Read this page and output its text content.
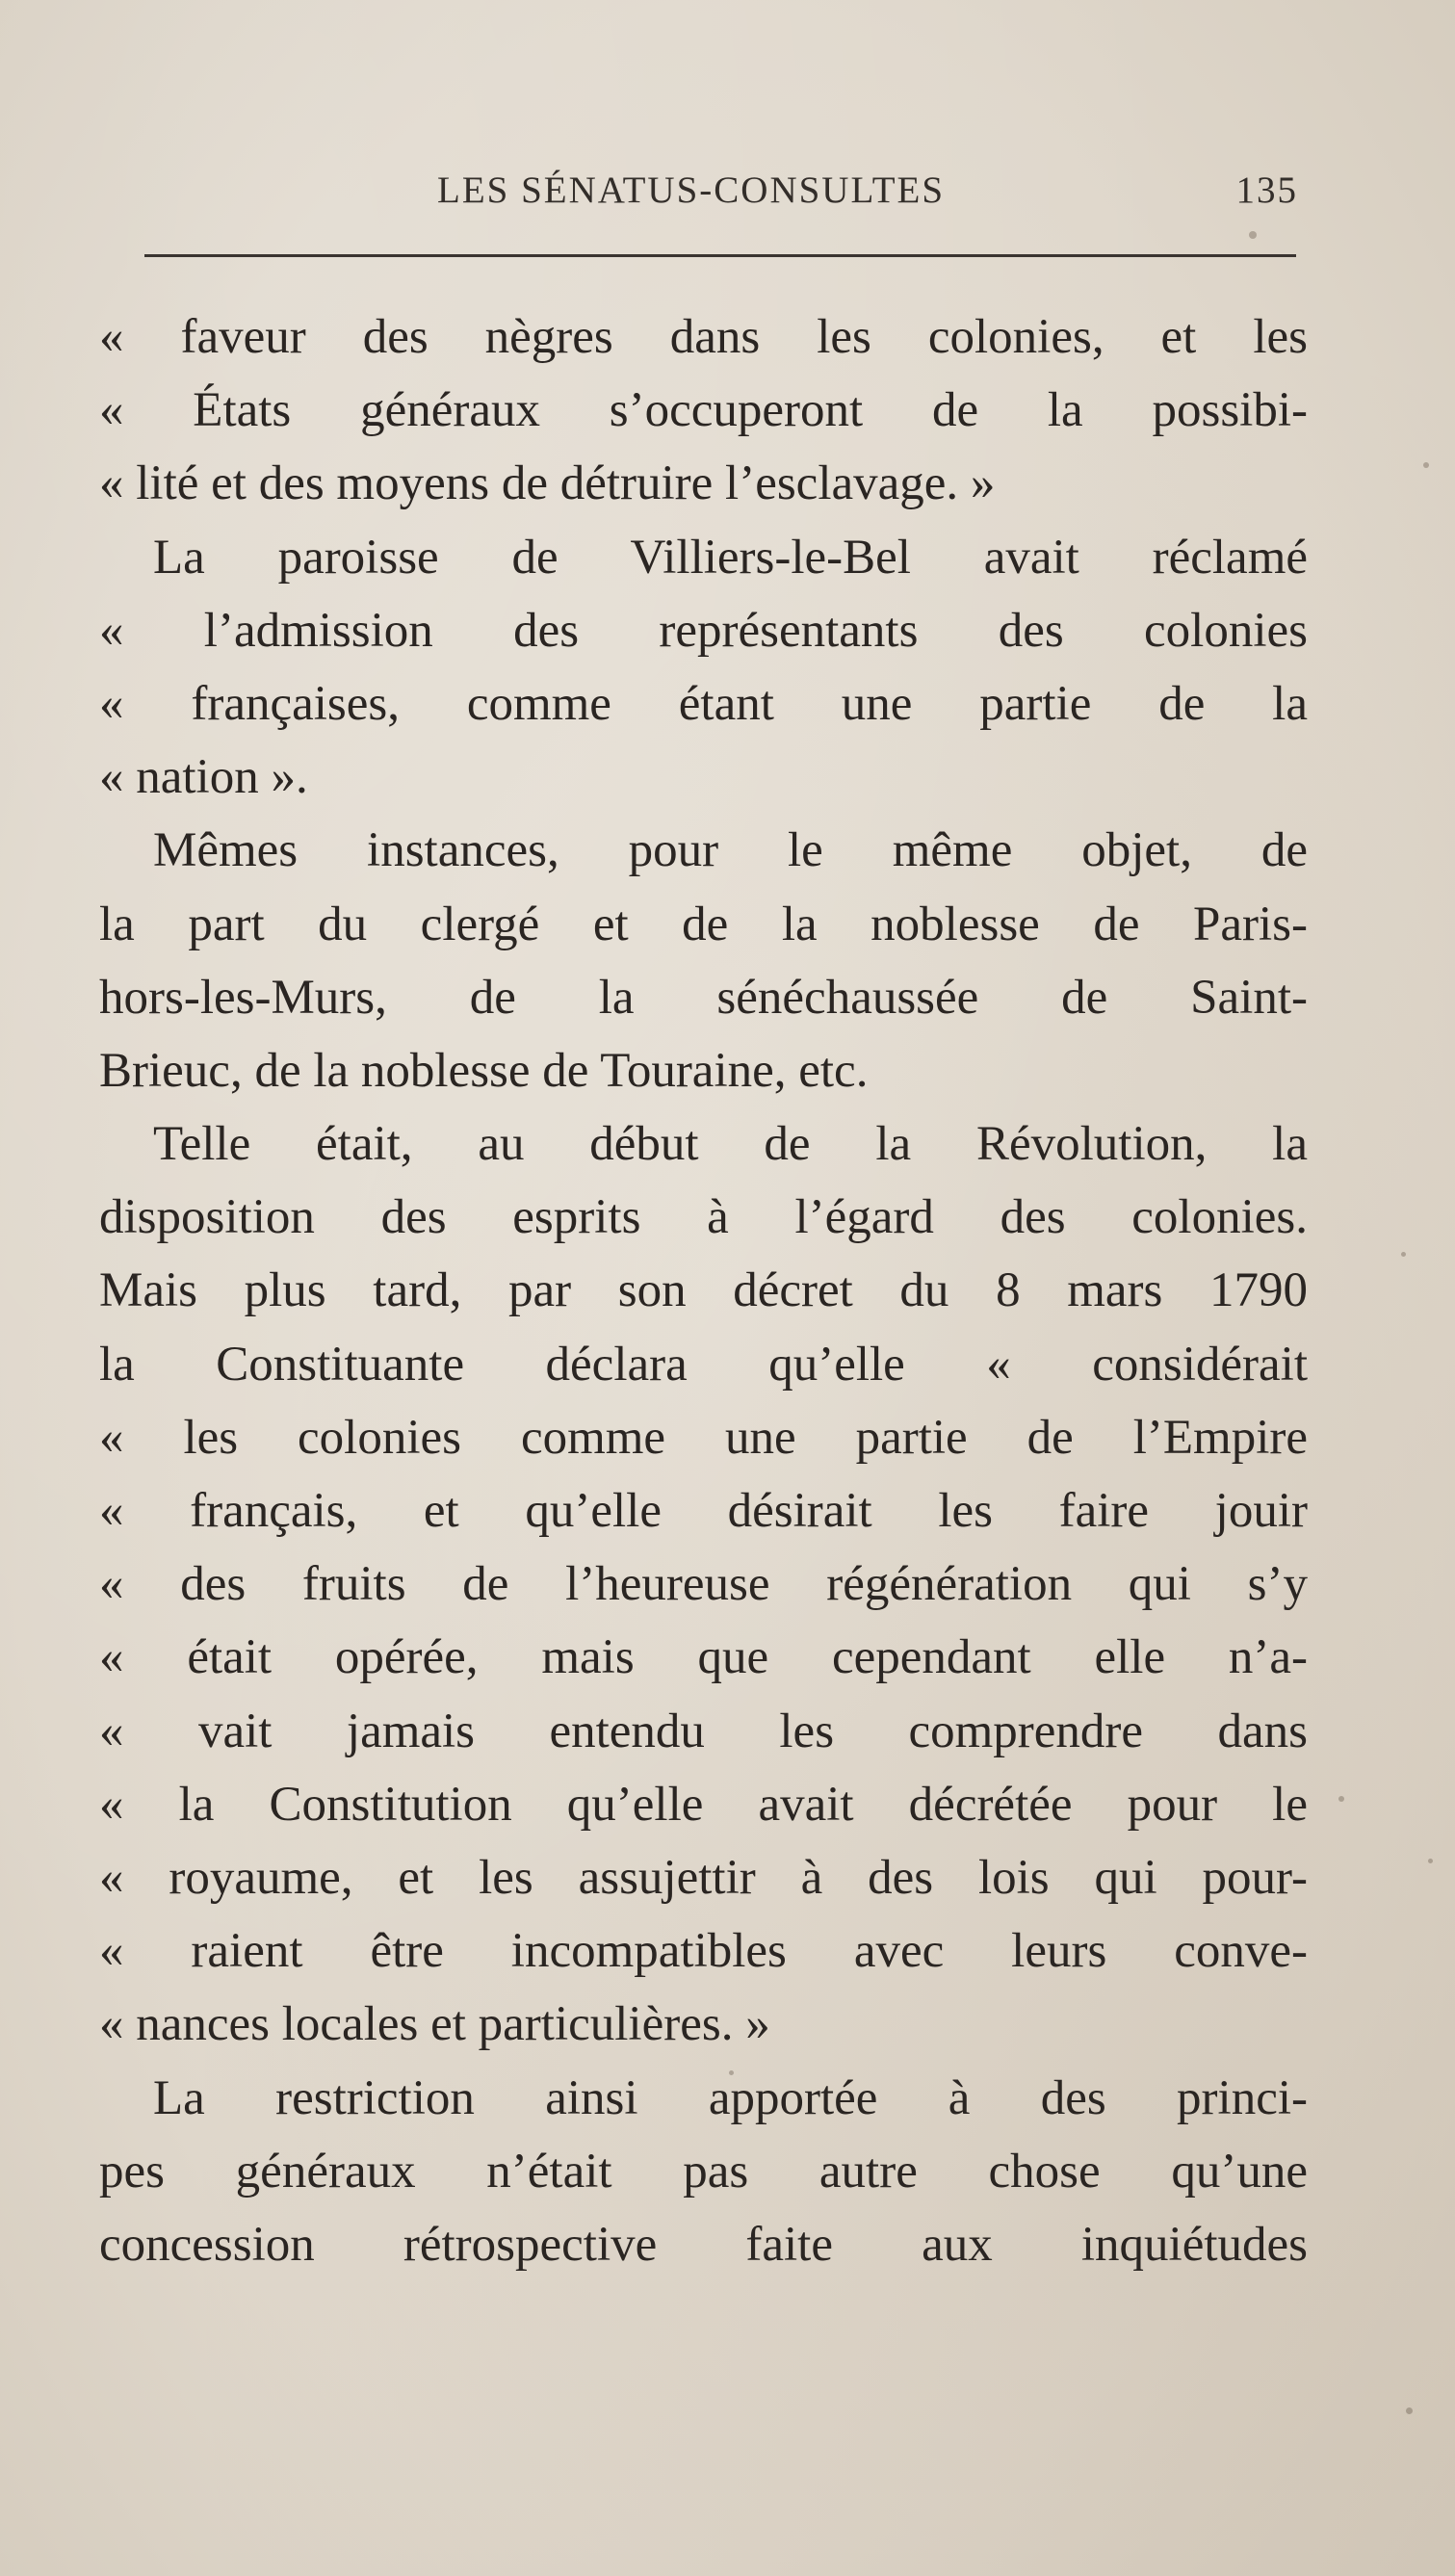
LES SÉNATUS-CONSULTES	135
« faveur des nègres dans les colonies, et les
« États généraux s’occuperont de la possibi-
« lité et des moyens de détruire l’esclavage. »
La paroisse de Villiers-le-Bel avait réclamé
« l’admission des représentants des colonies
« françaises, comme étant une partie de la
« nation ».
Mêmes instances, pour le même objet, de
la part du clergé et de la noblesse de Paris-
hors-les-Murs, de la sénéchaussée de Saint-
Brieuc, de la noblesse de Touraine, etc.
Telle était, au début de la Révolution, la
disposition des esprits à l’égard des colonies.
Mais plus tard, par son décret du 8 mars 1790
la Constituante déclara qu’elle « considérait
« les colonies comme une partie de l’Empire
« français, et qu’elle désirait les faire jouir
« des fruits de l’heureuse régénération qui s’y
« était opérée, mais que cependant elle n’a-
« vait jamais entendu les comprendre dans
« la Constitution qu’elle avait décrétée pour le
« royaume, et les assujettir à des lois qui pour-
« raient être incompatibles avec leurs conve-
« nances locales et particulières. »
La restriction ainsi apportée à des princi-
pes généraux n’était pas autre chose qu’une
concession rétrospective faite aux inquiétudes
